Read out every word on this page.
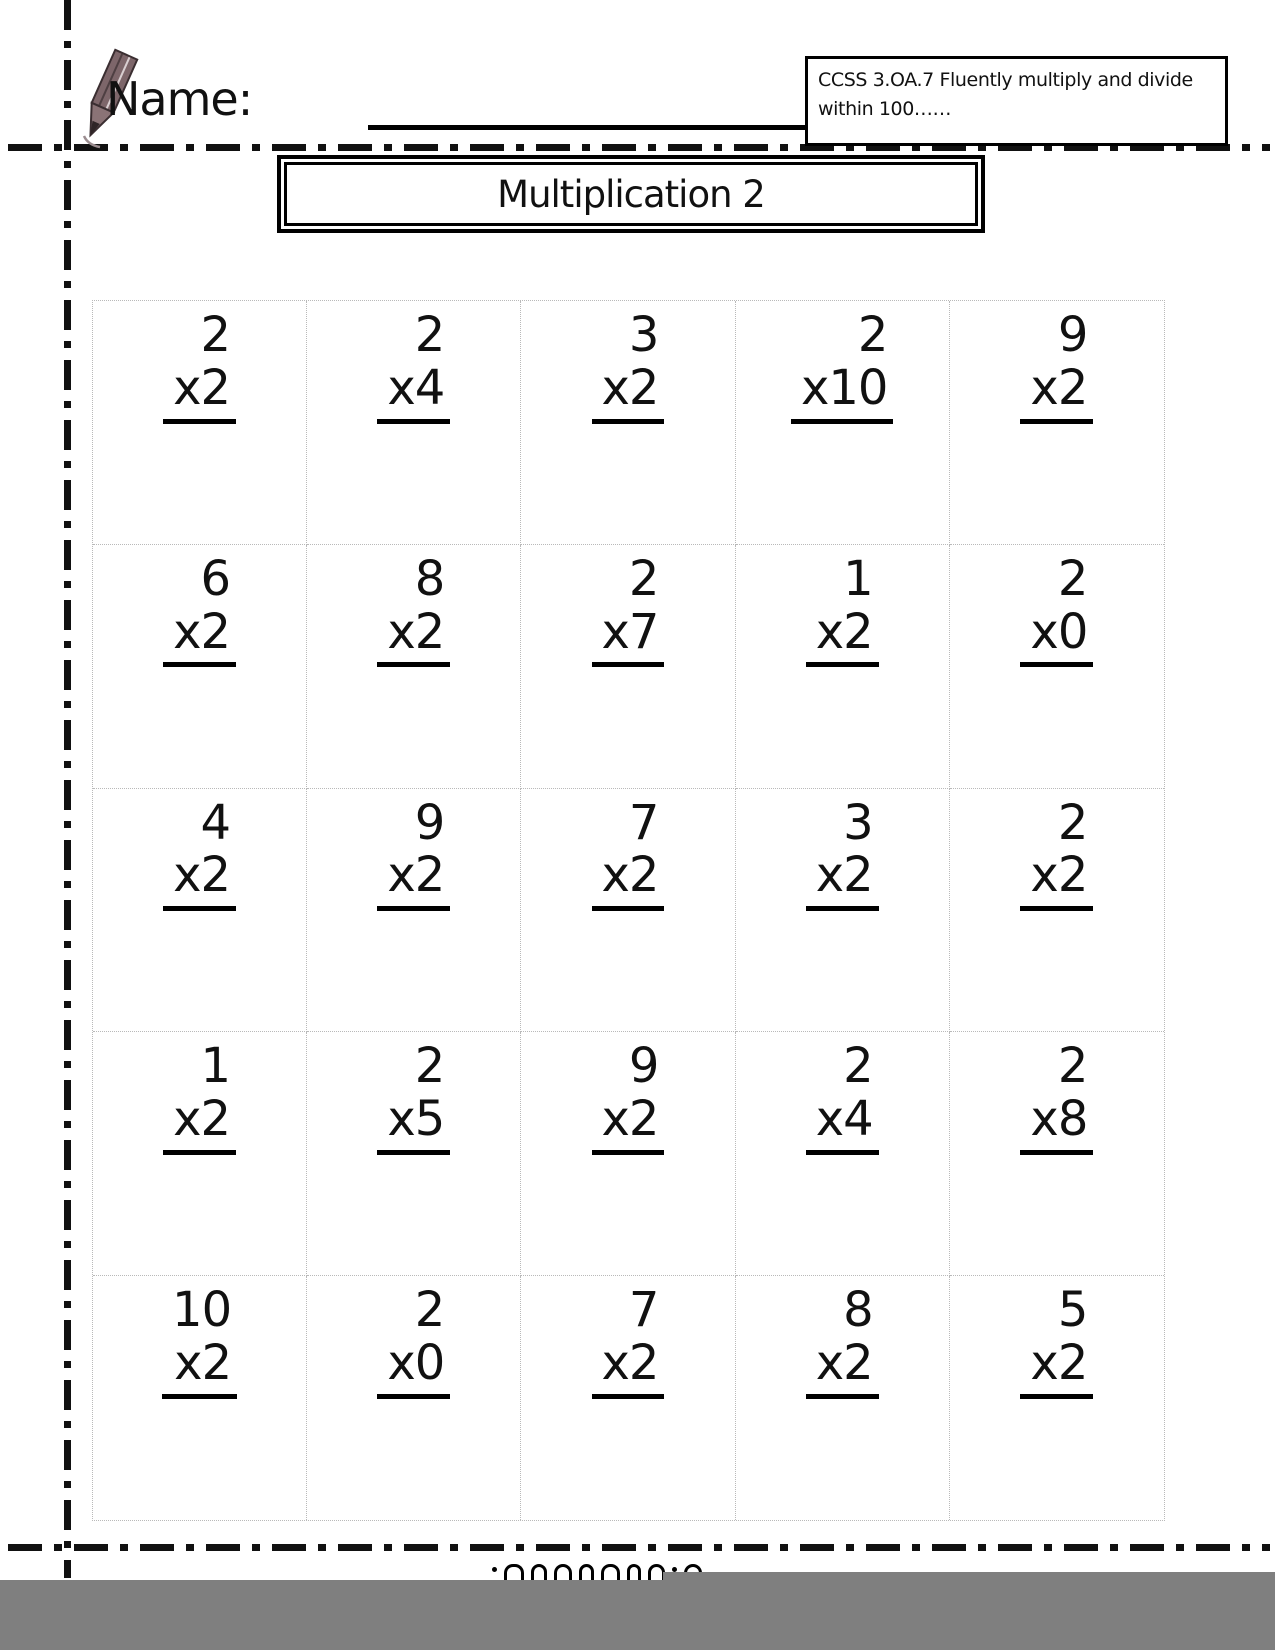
Name:	CCSS 3.OA.7 Fluently multiply and divide
within 100……
Multiplication 2
2
x2
2
x4
3
x2
2
x10
9
x2
6
x2
8
x2
2
x7
1
x2
2
x0
4
x2
9
x2
7
x2
3
x2
2
x2
1
x2
2
x5
9
x2
2
x4
2
x8
10
x2
2
x0
7
x2
8
x2
5
x2
